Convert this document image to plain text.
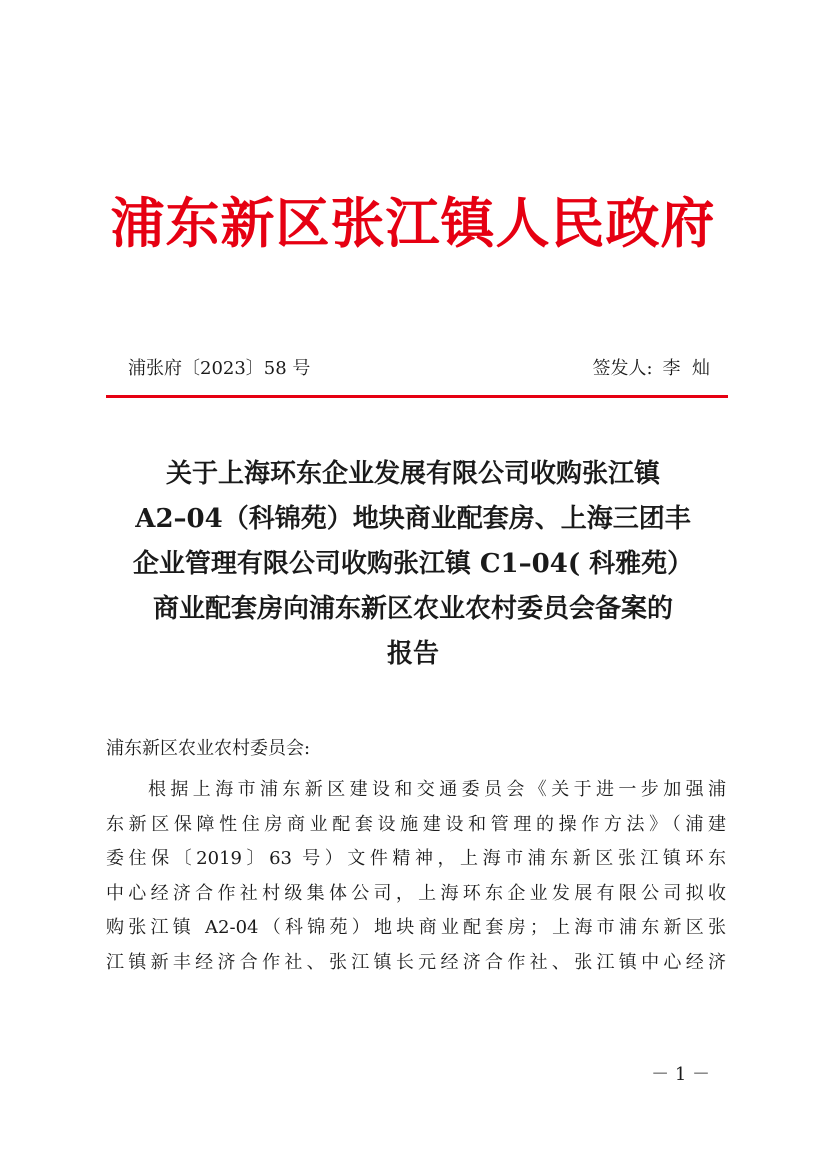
浦东新区张江镇人民政府
浦张府〔2023〕58 号	签发人: 李  灿
关于上海环东企业发展有限公司收购张江镇
A2–04（科锦苑）地块商业配套房、上海三团丰
企业管理有限公司收购张江镇 C1–04( 科雅苑）
商业配套房向浦东新区农业农村委员会备案的
报告
浦东新区农业农村委员会:
根据上海市浦东新区建设和交通委员会《关于进一步加强浦
东新区保障性住房商业配套设施建设和管理的操作方法》（浦建
委住保〔2019〕63 号）文件精神，上海市浦东新区张江镇环东
中心经济合作社村级集体公司，上海环东企业发展有限公司拟收
购张江镇 A2-04（科锦苑）地块商业配套房；上海市浦东新区张
江镇新丰经济合作社、张江镇长元经济合作社、张江镇中心经济
－ 1 －
